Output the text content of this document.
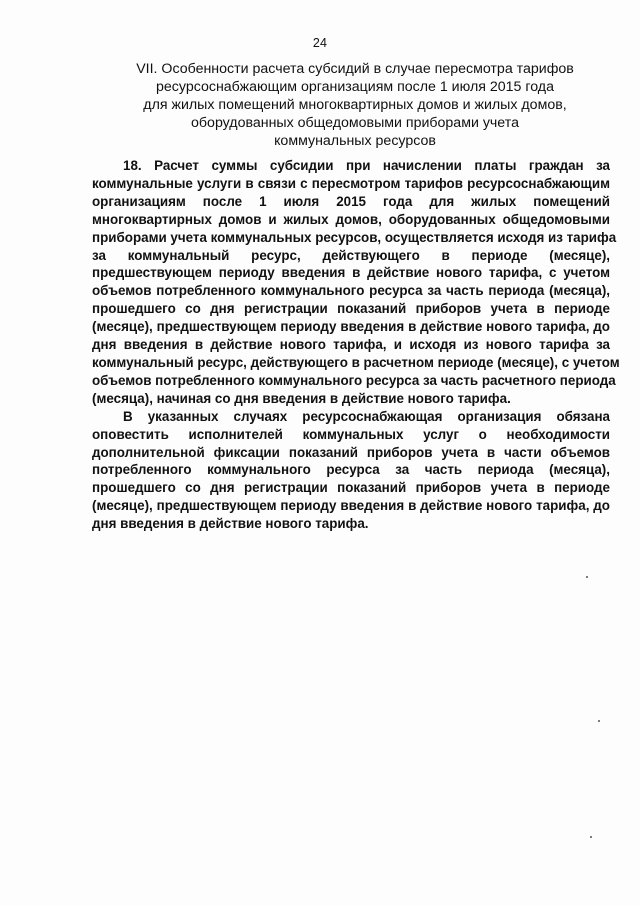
24
VII. Особенности расчета субсидий в случае пересмотра тарифов
ресурсоснабжающим организациям после 1 июля 2015 года
для жилых помещений многоквартирных домов и жилых домов,
оборудованных общедомовыми приборами учета
коммунальных ресурсов

18. Расчет суммы субсидии при начислении платы граждан за
коммунальные услуги в связи с пересмотром тарифов ресурсоснабжающим
организациям после 1 июля 2015 года для жилых помещений
многоквартирных домов и жилых домов, оборудованных общедомовыми
приборами учета коммунальных ресурсов, осуществляется исходя из тарифа
за коммунальный ресурс, действующего в периоде (месяце),
предшествующем периоду введения в действие нового тарифа, с учетом
объемов потребленного коммунального ресурса за часть периода (месяца),
прошедшего со дня регистрации показаний приборов учета в периоде
(месяце), предшествующем периоду введения в действие нового тарифа, до
дня введения в действие нового тарифа, и исходя из нового тарифа за
коммунальный ресурс, действующего в расчетном периоде (месяце), с учетом
объемов потребленного коммунального ресурса за часть расчетного периода
(месяца), начиная со дня введения в действие нового тарифа.

В указанных случаях ресурсоснабжающая организация обязана
оповестить исполнителей коммунальных услуг о необходимости
дополнительной фиксации показаний приборов учета в части объемов
потребленного коммунального ресурса за часть периода (месяца),
прошедшего со дня регистрации показаний приборов учета в периоде
(месяце), предшествующем периоду введения в действие нового тарифа, до
дня введения в действие нового тарифа.
